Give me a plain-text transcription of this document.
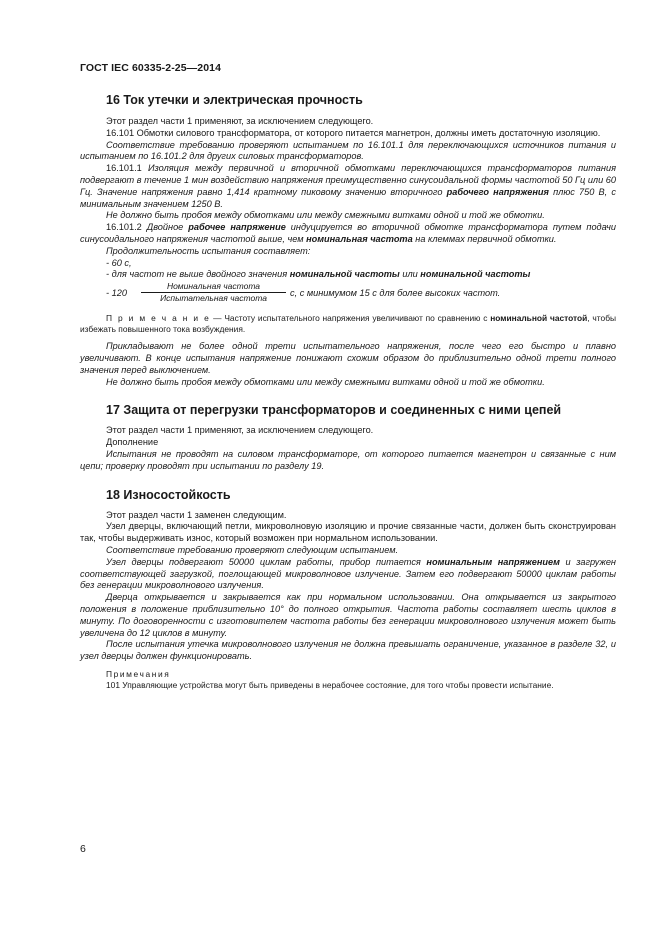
ГОСТ IEC 60335-2-25—2014
16 Ток утечки и электрическая прочность

Этот раздел части 1 применяют, за исключением следующего.

16.101 Обмотки силового трансформатора, от которого питается магнетрон, должны иметь достаточную изоляцию.

Соответствие требованию проверяют испытанием по 16.101.1 для переключающихся источников питания и испытанием по 16.101.2 для других силовых трансформаторов.

16.101.1 Изоляция между первичной и вторичной обмотками переключающихся трансформаторов питания подвергают в течение 1 мин воздействию напряжения преимущественно синусоидальной формы частотой 50 Гц или 60 Гц. Значение напряжения равно 1,414 кратному пиковому значению вторичного рабочего напряжения плюс 750 В, с минимальным значением 1250 В.

Не должно быть пробоя между обмотками или между смежными витками одной и той же обмотки.

16.101.2 Двойное рабочее напряжение индуцируется во вторичной обмотке трансформатора путем подачи синусоидального напряжения частотой выше, чем номинальная частота на клеммах первичной обмотки.

Продолжительность испытания составляет:

- 60 с,

- для частот не выше двойного значения номинальной частоты или номинальной частоты

- 120
Номинальная частота
Испытательная частота	с, с минимумом 15 с для более высоких частот.

П р и м е ч а н и е — Частоту испытательного напряжения увеличивают по сравнению с номинальной частотой, чтобы избежать повышенного тока возбуждения.

Прикладывают не более одной трети испытательного напряжения, после чего его быстро и плавно увеличивают. В конце испытания напряжение понижают схожим образом до приблизительно одной трети полного значения перед выключением.

Не должно быть пробоя между обмотками или между смежными витками одной и той же обмотки.

17 Защита от перегрузки трансформаторов и соединенных с ними цепей

Этот раздел части 1 применяют, за исключением следующего.

Дополнение

Испытания не проводят на силовом трансформаторе, от которого питается магнетрон и связанные с ним цепи; проверку проводят при испытании по разделу 19.

18 Износостойкость

Этот раздел части 1 заменен следующим.

Узел дверцы, включающий петли, микроволновую изоляцию и прочие связанные части, должен быть сконструирован так, чтобы выдерживать износ, который возможен при нормальном использовании.

Соответствие требованию проверяют следующим испытанием.

Узел дверцы подвергают 50000 циклам работы, прибор питается номинальным напряжением и загружен соответствующей загрузкой, поглощающей микроволновое излучение. Затем его подвергают 50000 циклам работы без генерации микроволнового излучения.

Дверца открывается и закрывается как при нормальном использовании. Она открывается из закрытого положения в положение приблизительно 10° до полного открытия. Частота работы составляет шесть циклов в минуту. По договоренности с изготовителем частота работы без генерации микроволнового излучения может быть увеличена до 12 циклов в минуту.

После испытания утечка микроволнового излучения не должна превышать ограничение, указанное в разделе 32, и узел дверцы должен функционировать.

Примечания

101 Управляющие устройства могут быть приведены в нерабочее состояние, для того чтобы провести испытание.

6
